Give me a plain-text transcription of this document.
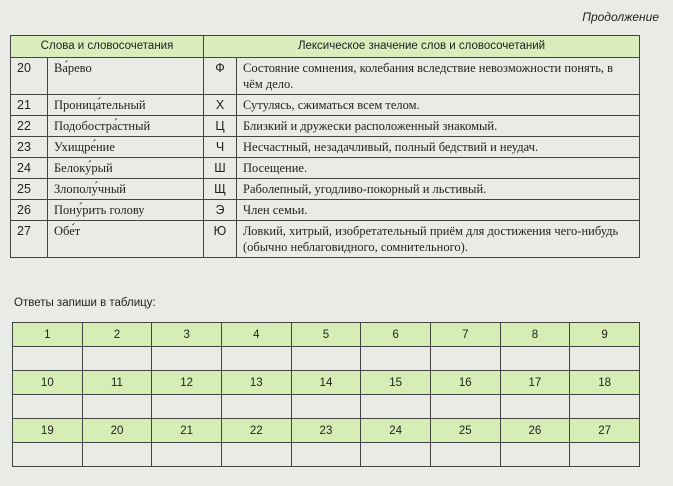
Продолжение
Слова и словосочетания		Лексическое значение слов и словосочетаний	
20	Ва́рево	Ф	Состояние сомнения, колебания вследствие невозможности понять, в чём дело.
21	Проница́тельный	Х	Сутулясь, сжиматься всем телом.
22	Подобостра́стный	Ц	Близкий и дружески расположенный знакомый.
23	Ухищре́ние	Ч	Несчастный, незадачливый, полный бедствий и неудач.
24	Белоку́рый	Ш	Посещение.
25	Злополу́чный	Щ	Раболепный, угодливо-покорный и льстивый.
26	Пону́рить голову	Э	Член семьи.
27	Обе́т	Ю	Ловкий, хитрый, изобретательный приём для достижения чего-нибудь (обычно неблаговидного, сомнительного).
Ответы запиши в таблицу:
1	2	3	4	5	6	7	8	9

10	11	12	13	14	15	16	17	18

19	20	21	22	23	24	25	26	27
